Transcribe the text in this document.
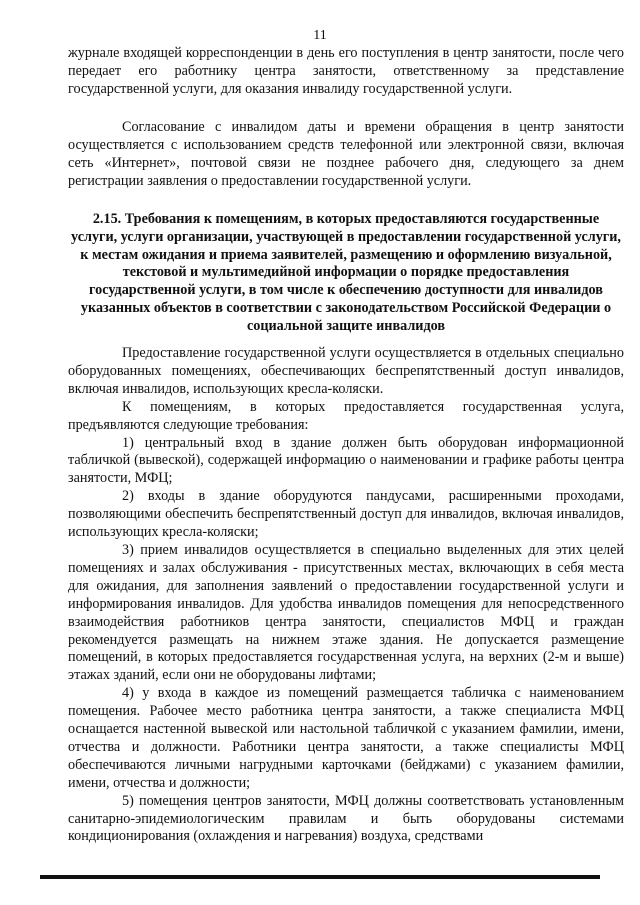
11

журнале входящей корреспонденции в день его поступления в центр занятости, после чего передает его работнику центра занятости, ответственному за представление государственной услуги, для оказания инвалиду государственной услуги.

Согласование с инвалидом даты и времени обращения в центр занятости осуществляется с использованием средств телефонной или электронной связи, включая сеть «Интернет», почтовой связи не позднее рабочего дня, следующего за днем регистрации заявления о предоставлении государственной услуги.

2.15. Требования к помещениям, в которых предоставляются государственные услуги, услуги организации, участвующей в предоставлении государственной услуги, к местам ожидания и приема заявителей, размещению и оформлению визуальной, текстовой и мультимедийной информации о порядке предоставления государственной услуги, в том числе к обеспечению доступности для инвалидов указанных объектов в соответствии с законодательством Российской Федерации о социальной защите инвалидов

Предоставление государственной услуги осуществляется в отдельных специально оборудованных помещениях, обеспечивающих беспрепятственный доступ инвалидов, включая инвалидов, использующих кресла-коляски.

К помещениям, в которых предоставляется государственная услуга, предъявляются следующие требования:

1) центральный вход в здание должен быть оборудован информационной табличкой (вывеской), содержащей информацию о наименовании и графике работы центра занятости, МФЦ;

2) входы в здание оборудуются пандусами, расширенными проходами, позволяющими обеспечить беспрепятственный доступ для инвалидов, включая инвалидов, использующих кресла-коляски;

3) прием инвалидов осуществляется в специально выделенных для этих целей помещениях и залах обслуживания - присутственных местах, включающих в себя места для ожидания, для заполнения заявлений о предоставлении государственной услуги и информирования инвалидов. Для удобства инвалидов помещения для непосредственного взаимодействия работников центра занятости, специалистов МФЦ и граждан рекомендуется размещать на нижнем этаже здания. Не допускается размещение помещений, в которых предоставляется государственная услуга, на верхних (2-м и выше) этажах зданий, если они не оборудованы лифтами;

4) у входа в каждое из помещений размещается табличка с наименованием помещения. Рабочее место работника центра занятости, а также специалиста МФЦ оснащается настенной вывеской или настольной табличкой с указанием фамилии, имени, отчества и должности. Работники центра занятости, а также специалисты МФЦ обеспечиваются личными нагрудными карточками (бейджами) с указанием фамилии, имени, отчества и должности;

5) помещения центров занятости, МФЦ должны соответствовать установленным санитарно-эпидемиологическим правилам и быть оборудованы системами кондиционирования (охлаждения и нагревания) воздуха, средствами
